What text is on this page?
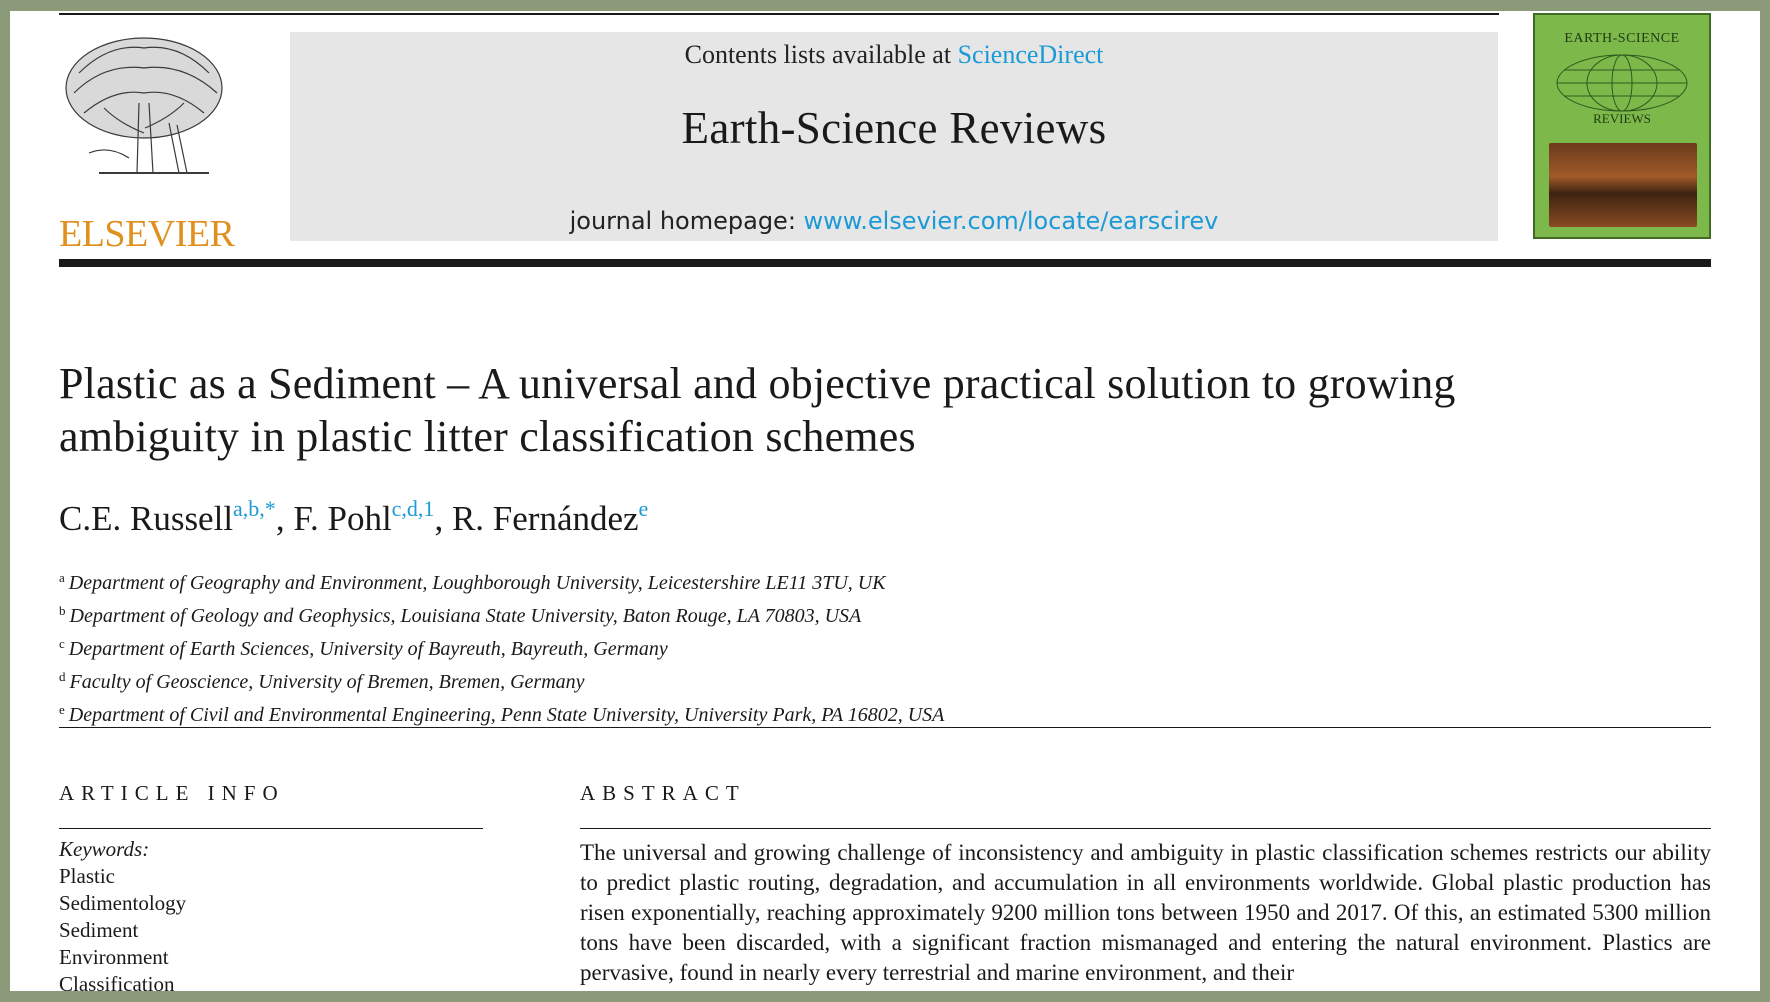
ELSEVIER
Contents lists available at ScienceDirect
Earth-Science Reviews
journal homepage: www.elsevier.com/locate/earscirev
EARTH-SCIENCE
REVIEWS
Plastic as a Sediment – A universal and objective practical solution to growing ambiguity in plastic litter classification schemes
C.E. Russell$^{a,b,*}$, F. Pohl$^{c,d,1}$, R. Fernández$^e$
$^a$ Department of Geography and Environment, Loughborough University, Leicestershire LE11 3TU, UK
$^b$ Department of Geology and Geophysics, Louisiana State University, Baton Rouge, LA 70803, USA
$^c$ Department of Earth Sciences, University of Bayreuth, Bayreuth, Germany
$^d$ Faculty of Geoscience, University of Bremen, Bremen, Germany
$^e$ Department of Civil and Environmental Engineering, Penn State University, University Park, PA 16802, USA
ARTICLE INFO	ABSTRACT
Keywords:
Plastic
Sedimentology
Sediment
Environment
Classification
The universal and growing challenge of inconsistency and ambiguity in plastic classification schemes restricts our ability to predict plastic routing, degradation, and accumulation in all environments worldwide. Global plastic production has risen exponentially, reaching approximately 9200 million tons between 1950 and 2017. Of this, an estimated 5300 million tons have been discarded, with a significant fraction mismanaged and entering the natural environment. Plastics are pervasive, found in nearly every terrestrial and marine environment, and their
